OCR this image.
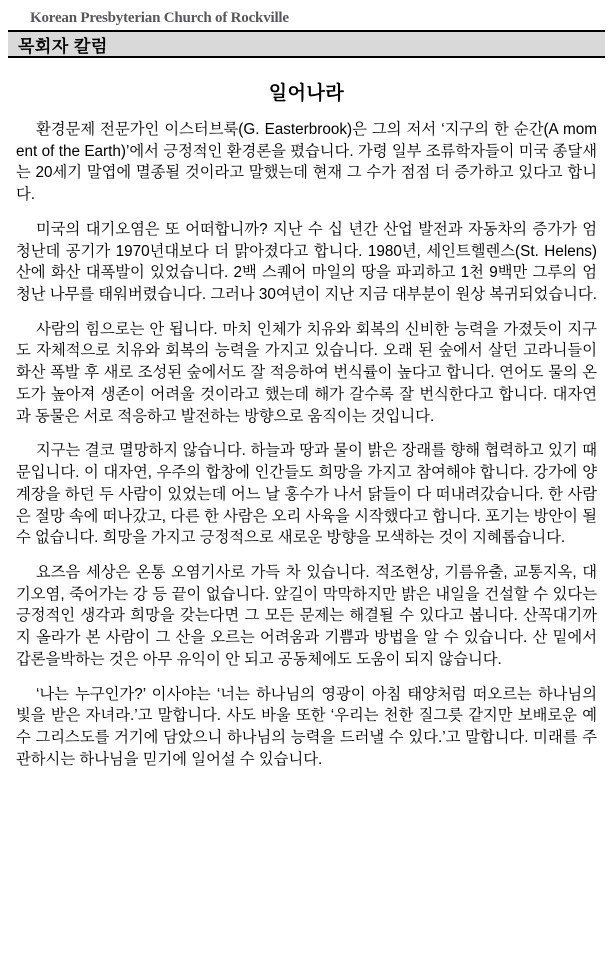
Korean Presbyterian Church of Rockville
목회자 칼럼
일어나라

환경문제 전문가인 이스터브룩(G. Easterbrook)은 그의 저서 ‘지구의 한 순간(A moment of the Earth)’에서 긍정적인 환경론을 폈습니다. 가령 일부 조류학자들이 미국 종달새는 20세기 말엽에 멸종될 것이라고 말했는데 현재 그 수가 점점 더 증가하고 있다고 합니다.

미국의 대기오염은 또 어떠합니까? 지난 수 십 년간 산업 발전과 자동차의 증가가 엄청난데 공기가 1970년대보다 더 맑아졌다고 합니다. 1980년, 세인트헬렌스(St. Helens) 산에 화산 대폭발이 있었습니다. 2백 스퀘어 마일의 땅을 파괴하고 1천 9백만 그루의 엄청난 나무를 태워버렸습니다. 그러나 30여년이 지난 지금 대부분이 원상 복귀되었습니다.

사람의 힘으로는 안 됩니다. 마치 인체가 치유와 회복의 신비한 능력을 가졌듯이 지구도 자체적으로 치유와 회복의 능력을 가지고 있습니다. 오래 된 숲에서 살던 고라니들이 화산 폭발 후 새로 조성된 숲에서도 잘 적응하여 번식률이 높다고 합니다. 연어도 물의 온도가 높아져 생존이 어려울 것이라고 했는데 해가 갈수록 잘 번식한다고 합니다. 대자연과 동물은 서로 적응하고 발전하는 방향으로 움직이는 것입니다.

지구는 결코 멸망하지 않습니다. 하늘과 땅과 물이 밝은 장래를 향해 협력하고 있기 때문입니다. 이 대자연, 우주의 합창에 인간들도 희망을 가지고 참여해야 합니다. 강가에 양계장을 하던 두 사람이 있었는데 어느 날 홍수가 나서 닭들이 다 떠내려갔습니다. 한 사람은 절망 속에 떠나갔고, 다른 한 사람은 오리 사육을 시작했다고 합니다. 포기는 방안이 될 수 없습니다. 희망을 가지고 긍정적으로 새로운 방향을 모색하는 것이 지혜롭습니다.

요즈음 세상은 온통 오염기사로 가득 차 있습니다. 적조현상, 기름유출, 교통지옥, 대기오염, 죽어가는 강 등 끝이 없습니다. 앞길이 막막하지만 밝은 내일을 건설할 수 있다는 긍정적인 생각과 희망을 갖는다면 그 모든 문제는 해결될 수 있다고 봅니다. 산꼭대기까지 올라가 본 사람이 그 산을 오르는 어려움과 기쁨과 방법을 알 수 있습니다. 산 밑에서 갑론을박하는 것은 아무 유익이 안 되고 공동체에도 도움이 되지 않습니다.

‘나는 누구인가?’ 이사야는 ‘너는 하나님의 영광이 아침 태양처럼 떠오르는 하나님의 빛을 받은 자녀라.’고 말합니다. 사도 바울 또한 ‘우리는 천한 질그릇 같지만 보배로운 예수 그리스도를 거기에 담았으니 하나님의 능력을 드러낼 수 있다.’고 말합니다. 미래를 주관하시는 하나님을 믿기에 일어설 수 있습니다.
